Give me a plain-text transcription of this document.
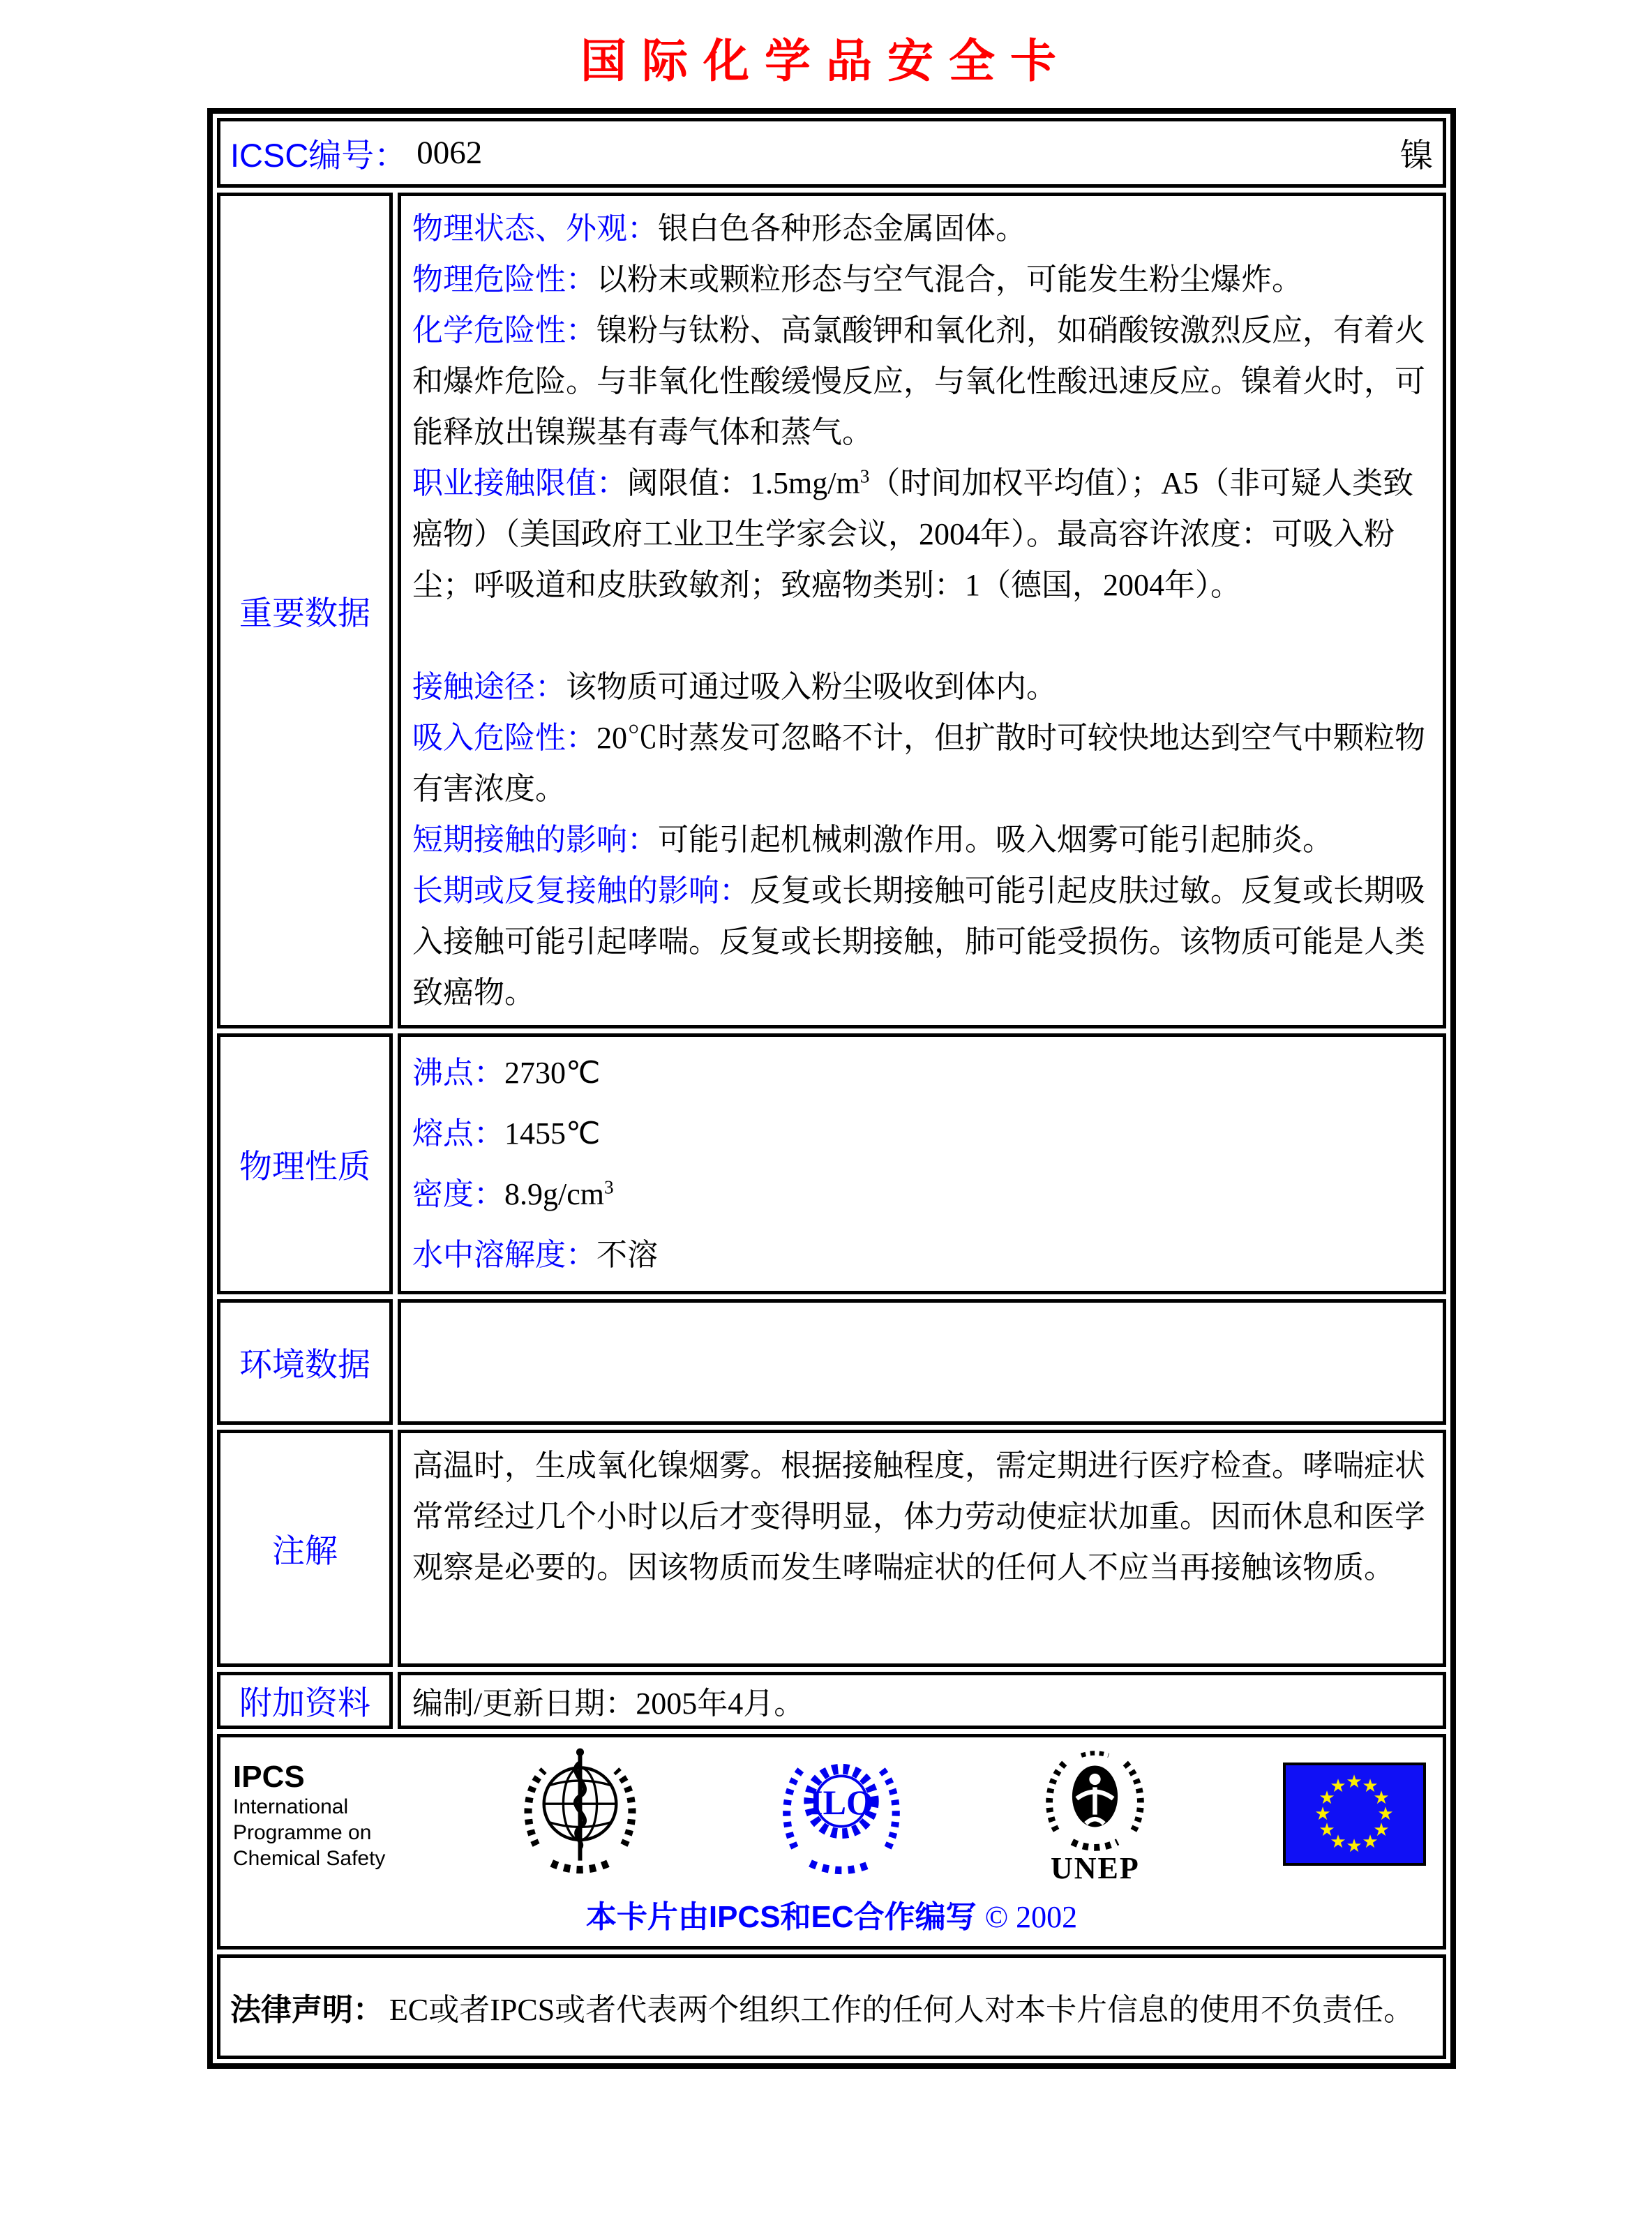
国际化学品安全卡
ICSC编号： 0062	镍
重要数据
物理状态、外观：银白色各种形态金属固体。
物理危险性：以粉末或颗粒形态与空气混合，可能发生粉尘爆炸。
化学危险性：镍粉与钛粉、高氯酸钾和氧化剂，如硝酸铵激烈反应，有着火和爆炸危险。与非氧化性酸缓慢反应，与氧化性酸迅速反应。镍着火时，可能释放出镍羰基有毒气体和蒸气。
职业接触限值：阈限值：$1.5mg/m^3$（时间加权平均值）；A5（非可疑人类致癌物）（美国政府工业卫生学家会议，2004年）。最高容许浓度：可吸入粉尘；呼吸道和皮肤致敏剂；致癌物类别：1（德国，2004年）。
接触途径：该物质可通过吸入粉尘吸收到体内。
吸入危险性：20℃时蒸发可忽略不计，但扩散时可较快地达到空气中颗粒物有害浓度。
短期接触的影响：可能引起机械刺激作用。吸入烟雾可能引起肺炎。
长期或反复接触的影响：反复或长期接触可能引起皮肤过敏。反复或长期吸入接触可能引起哮喘。反复或长期接触，肺可能受损伤。该物质可能是人类致癌物。
物理性质
沸点：2730℃
熔点：1455℃
密度：$8.9g/cm^3$
水中溶解度：不溶
环境数据
注解
高温时，生成氧化镍烟雾。根据接触程度，需定期进行医疗检查。哮喘症状常常经过几个小时以后才变得明显，体力劳动使症状加重。因而休息和医学观察是必要的。因该物质而发生哮喘症状的任何人不应当再接触该物质。
附加资料	编制/更新日期：2005年4月。
IPCS
International
Programme on
Chemical Safety
ILO
UNEP
★ ★
★
★
★
★
★
★
★
★
★
★
本卡片由IPCS和EC合作编写 © 2002
法律声明： EC或者IPCS或者代表两个组织工作的任何人对本卡片信息的使用不负责任。
